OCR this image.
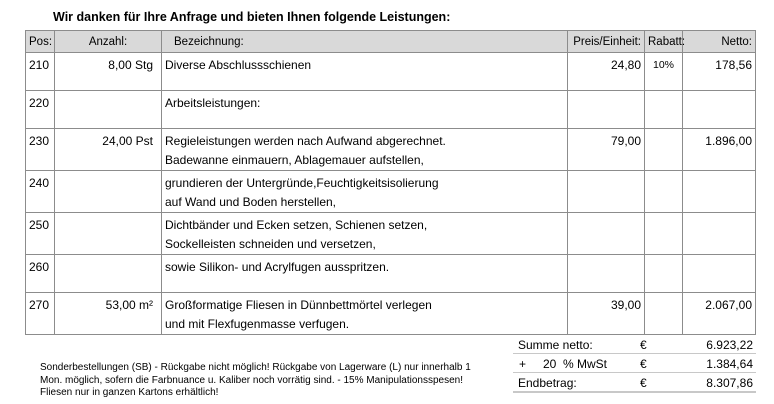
Wir danken für Ihre Anfrage und bieten Ihnen folgende Leistungen:
Pos:	Anzahl:	Bezeichnung:	Preis/Einheit:	Rabatt:	Netto:
210	8,00 Stg	Diverse Abschlussschienen	24,80	10%	178,56
220		Arbeitsleistungen:			

230	24,00 Pst	Regieleistungen werden nach Aufwand abgerechnet.
Badewanne einmauern, Ablagemauer aufstellen,	79,00		1.896,00
240		grundieren der Untergründe,Feuchtigkeitsisolierung
auf Wand und Boden herstellen,			

250		Dichtbänder und Ecken setzen, Schienen setzen,
Sockelleisten schneiden und versetzen,			

260		sowie Silikon- und Acrylfugen ausspritzen.			

270	53,00 m²	Großformatige Fliesen in Dünnbettmörtel verlegen
und mit Flexfugenmasse verfugen.	39,00		2.067,00
Summe netto:	€	6.923,22
+ 20  % MwSt	€	1.384,64
Endbetrag:	€	8.307,86
Sonderbestellungen (SB) - Rückgabe nicht möglich! Rückgabe von Lagerware (L) nur innerhalb 1 Mon. möglich, sofern die Farbnuance u. Kaliber noch vorrätig sind. - 15% Manipulationsspesen! Fliesen nur in ganzen Kartons erhältlich!
